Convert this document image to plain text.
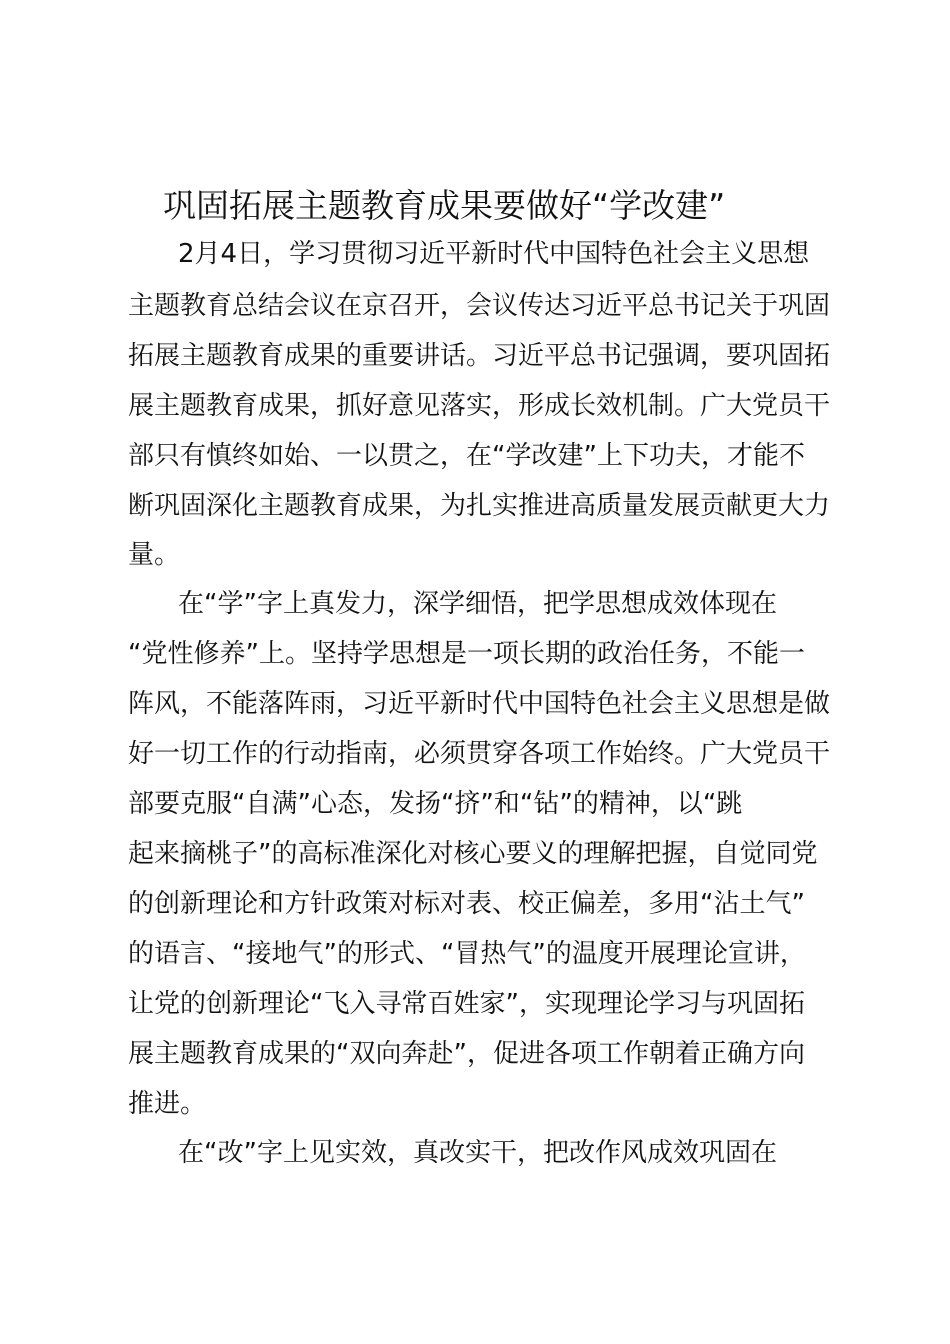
巩固拓展主题教育成果要做好“学改建”
2月4日，学习贯彻习近平新时代中国特色社会主义思想
主题教育总结会议在京召开，会议传达习近平总书记关于巩固
拓展主题教育成果的重要讲话。习近平总书记强调，要巩固拓
展主题教育成果，抓好意见落实，形成长效机制。广大党员干
部只有慎终如始、一以贯之，在“学改建”上下功夫，才能不
断巩固深化主题教育成果，为扎实推进高质量发展贡献更大力
量。
在“学”字上真发力，深学细悟，把学思想成效体现在
“党性修养”上。坚持学思想是一项长期的政治任务，不能一
阵风，不能落阵雨，习近平新时代中国特色社会主义思想是做
好一切工作的行动指南，必须贯穿各项工作始终。广大党员干
部要克服“自满”心态，发扬“挤”和“钻”的精神，以“跳
起来摘桃子”的高标准深化对核心要义的理解把握，自觉同党
的创新理论和方针政策对标对表、校正偏差，多用“沾土气”
的语言、“接地气”的形式、“冒热气”的温度开展理论宣讲，
让党的创新理论“飞入寻常百姓家”，实现理论学习与巩固拓
展主题教育成果的“双向奔赴”，促进各项工作朝着正确方向
推进。
在“改”字上见实效，真改实干，把改作风成效巩固在
